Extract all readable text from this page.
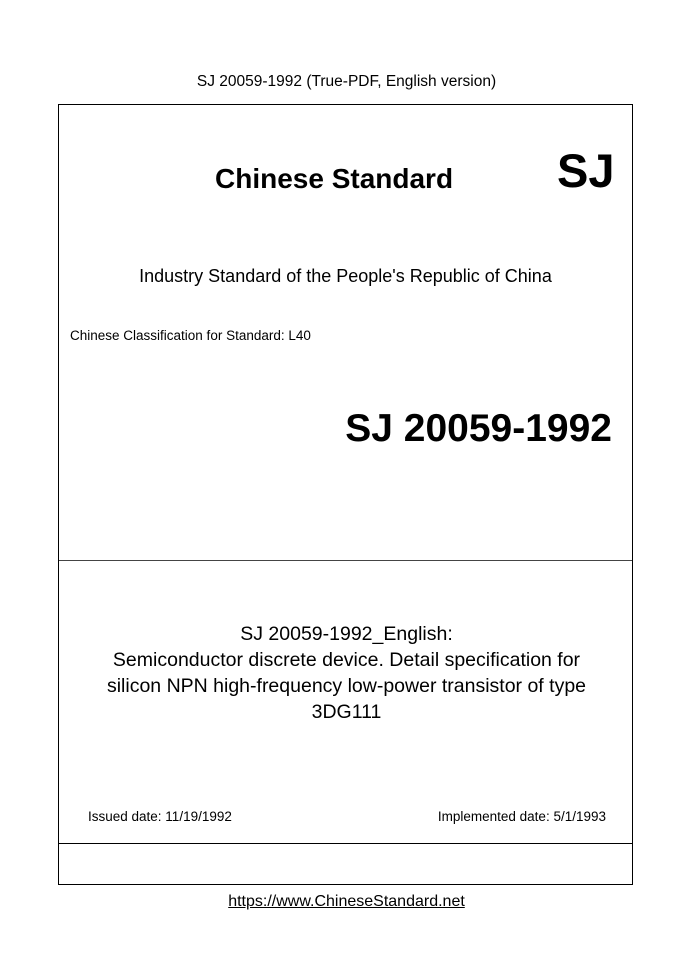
SJ 20059-1992 (True-PDF, English version)
Chinese Standard SJ
Industry Standard of the People's Republic of China
Chinese Classification for Standard: L40
SJ 20059-1992
SJ 20059-1992_English:
Semiconductor discrete device. Detail specification for
silicon NPN high-frequency low-power transistor of type
3DG111
Issued date: 11/19/1992	Implemented date: 5/1/1993
https://www.ChineseStandard.net
